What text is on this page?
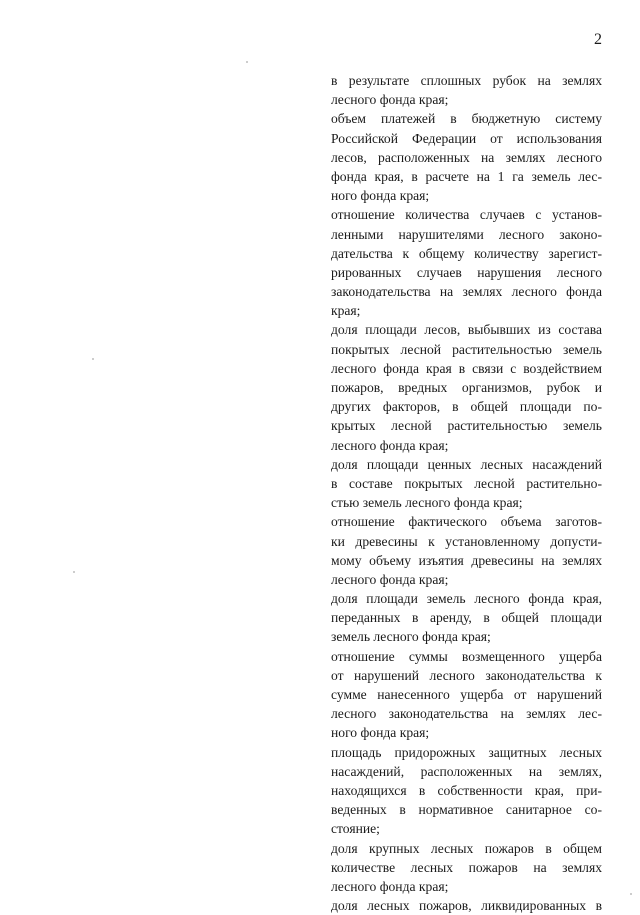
2
в результате сплошных рубок на землях
лесного фонда края;
объем платежей в бюджетную систему
Российской Федерации от использования
лесов, расположенных на землях лесного
фонда края, в расчете на 1 га земель лес-
ного фонда края;
отношение количества случаев с установ-
ленными нарушителями лесного законо-
дательства к общему количеству зарегист-
рированных случаев нарушения лесного
законодательства на землях лесного фонда
края;
доля площади лесов, выбывших из состава
покрытых лесной растительностью земель
лесного фонда края в связи с воздействием
пожаров, вредных организмов, рубок и
других факторов, в общей площади по-
крытых лесной растительностью земель
лесного фонда края;
доля площади ценных лесных насаждений
в составе покрытых лесной растительно-
стью земель лесного фонда края;
отношение фактического объема заготов-
ки древесины к установленному допусти-
мому объему изъятия древесины на землях
лесного фонда края;
доля площади земель лесного фонда края,
переданных в аренду, в общей площади
земель лесного фонда края;
отношение суммы возмещенного ущерба
от нарушений лесного законодательства к
сумме нанесенного ущерба от нарушений
лесного законодательства на землях лес-
ного фонда края;
площадь придорожных защитных лесных
насаждений, расположенных на землях,
находящихся в собственности края, при-
веденных в нормативное санитарное со-
стояние;
доля крупных лесных пожаров в общем
количестве лесных пожаров на землях
лесного фонда края;
доля лесных пожаров, ликвидированных в
